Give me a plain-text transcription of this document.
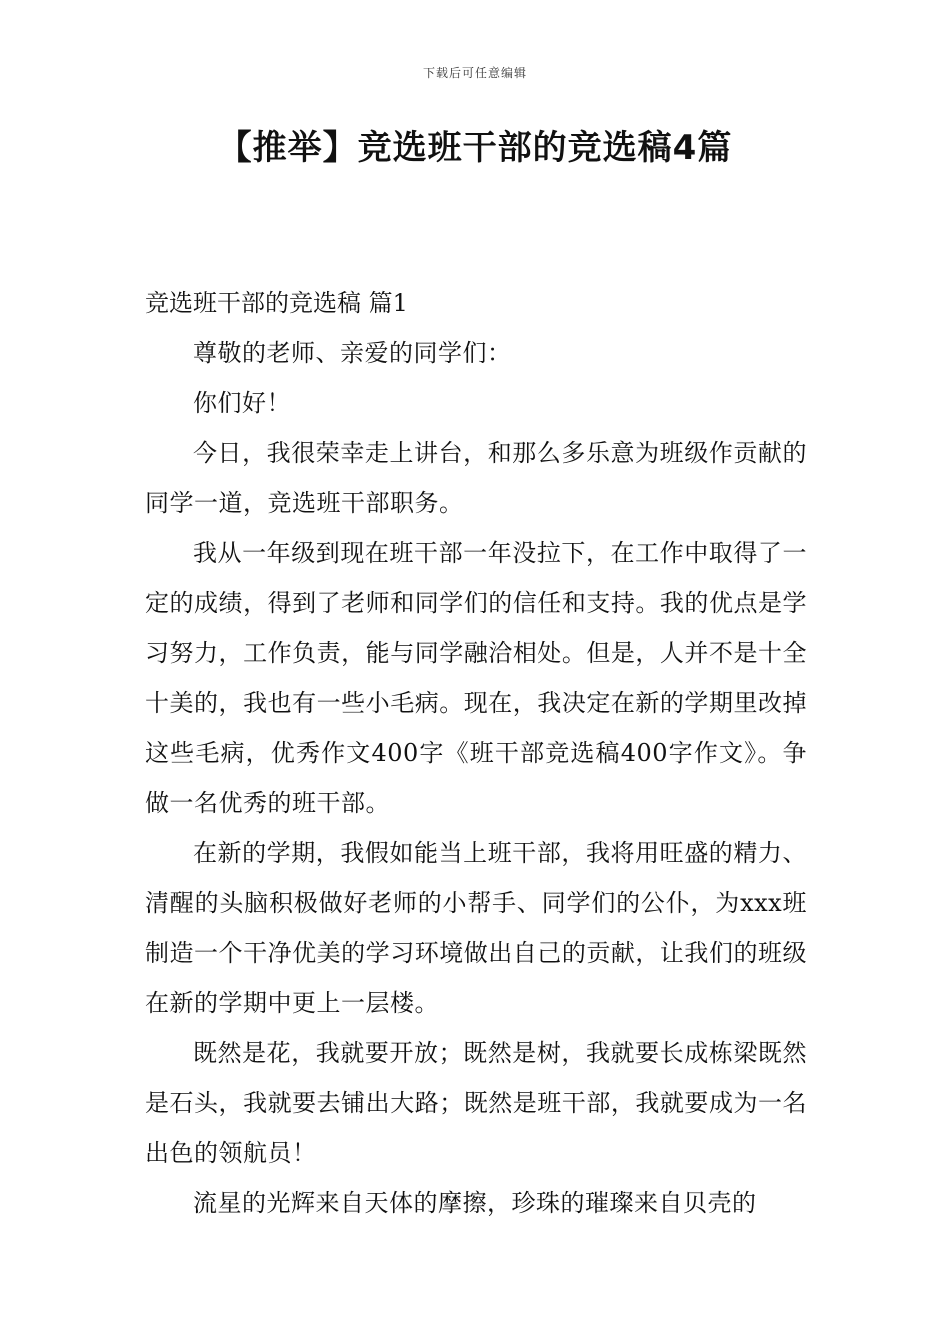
下载后可任意编辑
【推举】竞选班干部的竞选稿4篇

竞选班干部的竞选稿 篇1

尊敬的老师、亲爱的同学们：

你们好！

今日，我很荣幸走上讲台，和那么多乐意为班级作贡献的同学一道，竞选班干部职务。

我从一年级到现在班干部一年没拉下，在工作中取得了一定的成绩，得到了老师和同学们的信任和支持。我的优点是学习努力，工作负责，能与同学融洽相处。但是，人并不是十全十美的，我也有一些小毛病。现在，我决定在新的学期里改掉这些毛病，优秀作文400字《班干部竞选稿400字作文》。争做一名优秀的班干部。

在新的学期，我假如能当上班干部，我将用旺盛的精力、清醒的头脑积极做好老师的小帮手、同学们的公仆，为xxx班制造一个干净优美的学习环境做出自己的贡献，让我们的班级在新的学期中更上一层楼。

既然是花，我就要开放；既然是树，我就要长成栋梁既然是石头，我就要去铺出大路；既然是班干部，我就要成为一名出色的领航员！

流星的光辉来自天体的摩擦，珍珠的璀璨来自贝壳的
